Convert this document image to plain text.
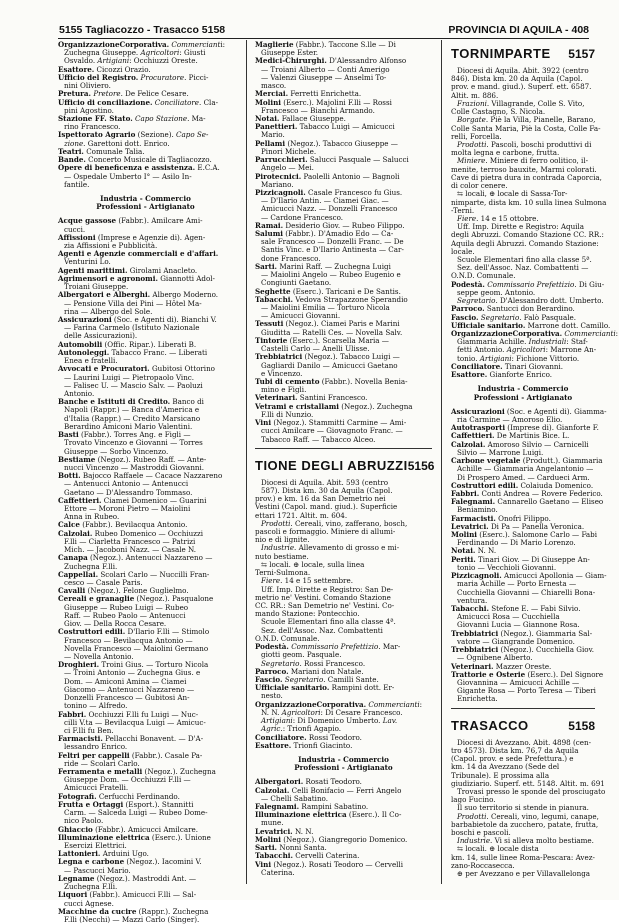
5155 Tagliacozzo - Trasacco 5158	PROVINCIA DI AQUILA - 408
OrganizzazioneCorporativa. Commercianti:
Zuchegna Giuseppe. Agricoltori: Giusti
Osvaldo. Artigiani: Occhiuzzi Oreste.
Esattore. Cicozzi Orazio.
Ufficio del Registro. Procuratore. Picci-
nini Oliviero.
Pretura. Pretore. De Felice Cesare.
Ufficio di conciliazione. Conciliatore. Cla-
pini Agostino.
Stazione FF. Stato. Capo Stazione. Ma-
rino Francesco.
Ispettorato Agrario (Sezione). Capo Se-
zione. Garettoni dott. Enrico.
Teatri. Comunale Talia.
Bande. Concerto Musicale di Tagliacozzo.
Opere di beneficenza e assistenza. E.C.A.
— Ospedale Umberto I° — Asilo In-
fantile.
Industria - Commercio
Professioni - Artigianato
Acque gassose (Fabbr.). Amilcare Ami-
cucci.
Affissioni (Imprese e Agenzie di). Agen-
zia Affissioni e Pubblicità.
Agenti e Agenzie commerciali e d'affari.
Venturini Lo.
Agenti marittimi. Girolami Anacleto.
Agrimensori e agronomi. Giannotti Adol-
Troiani Giuseppe.
Albergatori e Alberghi. Albergo Moderno.
— Pensione Villa dei Pini — Hôtel Ma-
rina — Albergo del Sole.
Assicurazioni (Soc. e Agenti di). Bianchi V.
— Farina Carmelo (Istituto Nazionale
delle Assicurazioni).
Automobili (Offic. Ripar.). Liberati B.
Autonoleggi. Tabacco Franc. — Liberati
Enea e fratelli.
Avvocati e Procuratori. Gubitosi Ottorino
— Laurini Luigi — Pietropaolo Vinc.
— Falisec U. — Mascio Salv. — Paoluzi
Antonio.
Banche e Istituti di Credito. Banco di
Napoli (Rappr.) — Banca d'America e
d'Italia (Rappr.) — Credito Marsicano
Berardino Amiconi Mario Valentini.
Basti (Fabbr.). Torres Ang. e Figli —
Trovato Vincenzo e Giovanni — Torres
Giuseppe — Sorbo Vincenzo.
Bestiame (Negoz.). Rubeo Raff. — Ante-
nucci Vincenzo — Mastroddi Giovanni.
Botti. Bajocco Raffaele — Cacace Nazzareno
— Antenucci Antonio — Antenucci
Gaetano — D'Alessandro Tommaso.
Caffettieri. Ciamei Domenico — Guarini
Ettore — Moroni Pietro — Maiolini
Anna in Rubeo.
Calce (Fabbr.). Bevilacqua Antonio.
Calzolai. Rubeo Domenico — Occhiuzzi
F.lli — Ciarletta Francesco — Patrizi
Mich. — Jacoboni Nazz. — Casale N.
Canapa (Negoz.). Antenucci Nazzareno —
Zuchegna F.lli.
Cappellai. Scolari Carlo — Nuccilli Fran-
cesco — Casale Paris.
Cavalli (Negoz.). Felone Guglielmo.
Cereali e granaglie (Negoz.). Pasqualone
Giuseppe — Rubeo Luigi — Rubeo
Raff. — Rubeo Paolo — Antenucci
Giov. — Della Rocca Cesare.
Costruttori edili. D'Ilario F.lli — Stimolo
Francesco — Bevilacqua Antonio —
Novella Francesco — Maiolini Germano
— Novella Antonio.
Droghieri. Troini Gius. — Torturo Nicola
— Troini Antonio — Zuchegna Gius. e
Dom. — Amiconi Amina — Ciamei
Giacomo — Antenucci Nazzareno —
Donzelli Francesco — Gubitosi An-
tonino — Alfredo.
Fabbri. Occhiuzzi F.lli fu Luigi — Nuc-
cilli V.ta — Bevilacqua Luigi — Amicuc-
ci F.lli fu Ben.
Farmacisti. Pellacchi Bonavent. — D'A-
lessandro Enrico.
Feltri per cappelli (Fabbr.). Casale Pa-
ride — Scolari Carlo.
Ferramenta e metalli (Negoz.). Zuchegna
Giuseppe Dom. — Occhiuzzi F.lli —
Amicucci Fratelli.
Fotografi. Cerfucchi Ferdinando.
Frutta e Ortaggi (Esport.). Stannitti
Carm. — Salceda Luigi — Rubeo Dome-
nico Paolo.
Ghiaccio (Fabbr.). Amicucci Amilcare.
Illuminazione elettrica (Eserc.). Unione
Esercizi Elettrici.
Lattonieri. Arduini Ugo.
Legna e carbone (Negoz.). Iacomini V.
— Pascucci Mario.
Legname (Negoz.). Mastroddi Ant. —
Zuchegna F.lli.
Liquori (Fabbr.). Amicucci F.lli — Sal-
cucci Agnese.
Macchine da cucire (Rappr.). Zuchegna
F.lli (Necchi) — Mazzi Carlo (Singer).
Maglierie (Fabbr.). Taccone S.lle — Di
Giuseppe Ester.
Medici-Chirurghi. D'Alessandro Alfonso
— Troiani Alberto — Conti Amerigo
— Valenzi Giuseppe — Anselmi To-
masco.
Merciai. Ferretti Enrichetta.
Molini (Eserc.). Majolini F.lli — Rossi
Francesco — Bianchi Armando.
Notai. Fallace Giuseppe.
Panettieri. Tabacco Luigi — Amicucci
Mario.
Pellami (Negoz.). Tabacco Giuseppe —
Pinori Michele.
Parrucchieri. Salucci Pasquale — Salucci
Angelo — Mei.
Pirotecnici. Paolelli Antonio — Bagnoli
Mariano.
Pizzicagnoli. Casale Francesco fu Gius.
— D'Ilario Antin. — Ciamei Giac. —
Amicucci Nazz. — Donzelli Francesco
— Cardone Francesco.
Ramai. Desiderio Giov. — Rubeo Filippo.
Salumi (Fabbr.). D'Amadio Edo — Ca-
sale Francesco — Donzelli Franc. — De
Santis Vinc. e D'Ilario Antinesta — Car-
done Francesco.
Sarti. Marini Raff. — Zuchegna Luigi
— Maiolini Angelo — Rubeo Eugenio e
Congiunti Gaetano.
Seghette (Eserc.). Taricani e De Santis.
Tabacchi. Vedova Strapazzone Sperandio
— Maiolini Emilia — Torturo Nicola
— Amicucci Giovanni.
Tessuti (Negoz.). Ciamei Paris e Marini
Giuditta — Ratelli Ces. — Novella Salv.
Tintorie (Eserc.). Scarsella Maria —
Castelli Carlo — Anelli Ulisse.
Trebbiatrici (Negoz.). Tabacco Luigi —
Gagliardi Danilo — Amicucci Gaetano
e Vincenzo.
Tubi di cemento (Fabbr.). Novella Benia-
mino e Figli.
Veterinari. Santini Francesco.
Vetrami e cristallami (Negoz.). Zuchegna
F.lli di Nunzio.
Vini (Negoz.). Stammitti Carmine — Ami-
cucci Amilcare — Giovagnoto Franc. —
Tabacco Raff. — Tabacco Alceo.
TIONE DEGLI ABRUZZI 5156
Diocesi di Aquila. Abit. 593 (centro
587). Dista km. 30 da Aquila (Capol.
prov.) e km. 16 da San Demetrio nei
Vestini (Capol. mand. giud.). Superficie
ettari 1721. Altit. m. 604.
Prodotti. Cereali, vino, zafferano, bosch,
pascoli e formaggio. Miniere di allumi-
nio e di lignite.
Industrie. Allevamento di grosso e mi-
nuto bestiame.
⇆ locali. ⊕ locale, sulla linea
Terni-Sulmona.
Fiere. 14 e 15 settembre.
Uff. Imp. Dirette e Registro: San De-
metrio ne' Vestini. Comando Stazione
CC. RR.: San Demetrio ne' Vestini. Co-
mando Stazione: Pontecchio.
Scuole Elementari fino alla classe 4ª.
Sez. dell'Assoc. Naz. Combattenti
O.N.D. Comunale.
Podestà. Commissario Prefettizio. Mar-
giotti geom. Pasquale.
Segretario. Rossi Francesco.
Parroco. Mariani don Natale.
Fascio. Segretario. Camilli Sante.
Ufficiale sanitario. Rampini dott. Er-
nesto.
OrganizzazioneCorporativa. Commercianti:
N. N. Agricoltori: Di Cesare Francesco.
Artigiani: Di Domenico Umberto. Lav.
Agric.: Trionfi Agapio.
Conciliatore. Rossi Teodoro.
Esattore. Trionfi Giacinto.
Industria - Commercio
Professioni - Artigianato
Albergatori. Rosati Teodoro.
Calzolai. Celli Bonifacio — Ferri Angelo
— Chelli Sabatino.
Falegnami. Rampini Sabatino.
Illuminazione elettrica (Eserc.). Il Co-
mune.
Levatrici. N. N.
Molini (Negoz.). Giangregorio Domenico.
Sarti. Nonni Santa.
Tabacchi. Cervelli Caterina.
Vini (Negoz.). Rosati Teodoro — Cervelli
Caterina.
TORNIMPARTE 5157
Diocesi di Aquila. Abit. 3922 (centro
846). Dista km. 20 da Aquila (Capol.
prov. e mand. giud.). Superf. ett. 6587.
Altit. m. 886.
Frazioni. Villagrande, Colle S. Vito,
Colle Castagno, S. Nicola.
Borgate. Piè la Villa, Pianelle, Barano,
Colle Santa Maria, Piè la Costa, Colle Fa-
relli, Forcella.
Prodotti. Pascoli, boschi produttivi di
molta legna e carbone, frutta.
Miniere. Miniere di ferro oolitico, il-
menite, terroso bauxite, Marmi colorati.
Cave di pietra dura in contrada Caporcia,
di color cenere.
⇆ locali, ⊕ locale di Sassa-Tor-
nimparte, dista km. 10 sulla linea Sulmona
-Terni.
Fiere. 14 e 15 ottobre.
Uff. Imp. Dirette e Registro: Aquila
degli Abruzzi. Comando Stazione CC. RR.:
Aquila degli Abruzzi. Comando Stazione:
locale.
Scuole Elementari fino alla classe 5ª.
Sez. dell'Assoc. Naz. Combattenti —
O.N.D. Comunale.
Podestà. Commissario Prefettizio. Di Giu-
seppe geom. Antonio.
Segretario. D'Alessandro dott. Umberto.
Parroco. Santucci don Berardino.
Fascio. Segretario. Falò Pasquale.
Ufficiale sanitario. Marrone dott. Camillo.
OrganizzazioneCorporativa. Commercianti:
Giammaria Achille. Industriali: Staf-
fetti Antonio. Agricoltori: Marrone An-
tonio. Artigiani: Fichione Vittorio.
Conciliatore. Tinari Giovanni.
Esattore. Gianforte Enrico.
Industria - Commercio
Professioni - Artigianato
Assicurazioni (Soc. e Agenti di). Giamma-
ria Carmine — Amoroso Elio.
Autotrasporti (Imprese di). Gianforte F.
Caffettieri. De Martinis Bice. L.
Calzolai. Amoroso Silvio — Carnicelli
Silvio — Marrone Luigi.
Carbone vegetale (Produtt.). Giammaria
Achille — Giammaria Angelantonio —
Di Prospero Amed. — Cardueci Arm.
Costruttori edili. Colaiuda Domenico.
Fabbri. Conti Andrea — Rovere Federico.
Falegnami. Cannarello Gaetano — Eliseo
Beniamino.
Farmacisti. Onofri Filippo.
Levatrici. Di Pa — Panella Veronica.
Molini (Eserc.). Salomone Carlo — Fabi
Ferdinando — Di Mario Lorenzo.
Notai. N. N.
Periti. Tinari Giov. — Di Giuseppe An-
tonio — Vecchioli Giovanni.
Pizzicagnoli. Amicucci Apollonia — Giam-
maria Achille — Porto Ernesta —
Cucchiella Giovanni — Chiarelli Bona-
ventura.
Tabacchi. Stefone E. — Fabi Silvio.
Amicucci Rosa — Cucchiella
Giovanni Lucia — Giannone Rosa.
Trebbiatrici (Negoz.). Giammaria Sal-
vatore — Giangrande Domenico.
Trebbiatrici (Negoz.). Cucchiella Giov.
— Ognibene Alberto.
Veterinari. Mazzer Oreste.
Trattorie e Osterie (Eserc.). Del Signore
Giovannina — Amicucci Achille —
Gigante Rosa — Porto Teresa — Tiberi
Enrichetta.
TRASACCO	5158
Diocesi di Avezzano. Abit. 4898 (cen-
tro 4573). Dista km. 76,7 da Aquila
(Capol. prov. e sede Prefettura.) e
km. 14 da Avezzano (Sede del
Tribunale). E prossima alla
giudiziario. Superf. ett. 5148. Altit. m. 691
Trovasi presso le sponde del prosciugato
lago Fucino.
Il suo territorio si stende in pianura.
Prodotti. Cereali, vino, legumi, canape,
barbabietole da zucchero, patate, frutta,
boschi e pascoli.
Industrie. Vi si alleva molto bestiame.
⇆ locali. ⊕ locale dista
km. 14, sulle linee Roma-Pescara: Avez-
zano-Roccasecca.
⊕ per Avezzano e per Villavallelonga
